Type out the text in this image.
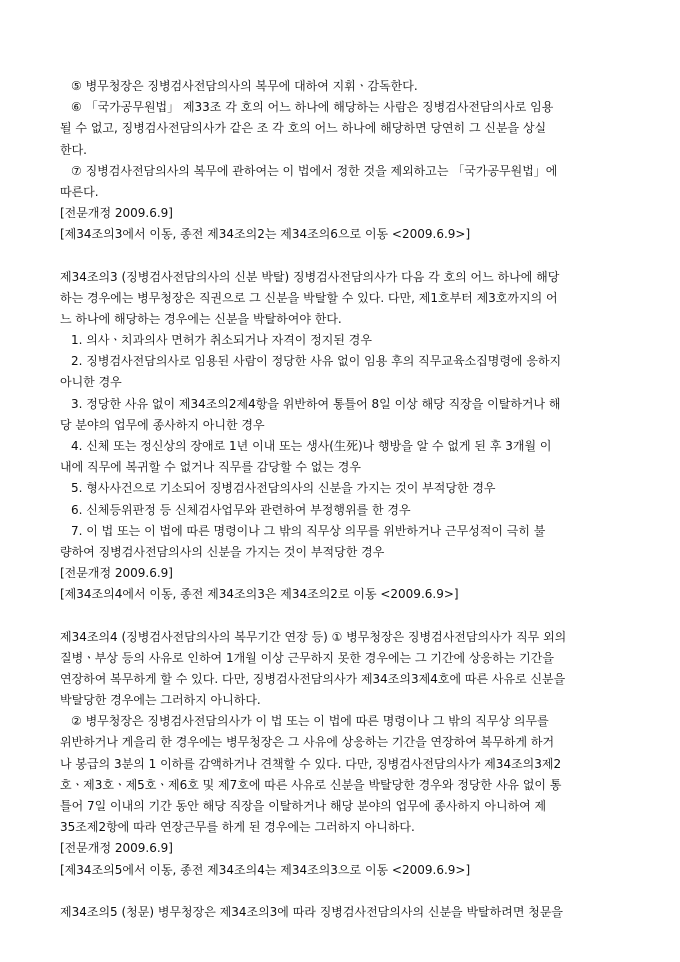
⑤ 병무청장은 징병검사전담의사의 복무에 대하여 지휘ㆍ감독한다.
⑥ 「국가공무원법」 제33조 각 호의 어느 하나에 해당하는 사람은 징병검사전담의사로 임용
될 수 없고, 징병검사전담의사가 같은 조 각 호의 어느 하나에 해당하면 당연히 그 신분을 상실
한다.
⑦ 징병검사전담의사의 복무에 관하여는 이 법에서 정한 것을 제외하고는 「국가공무원법」에
따른다.
[전문개정 2009.6.9]
[제34조의3에서 이동, 종전 제34조의2는 제34조의6으로 이동 <2009.6.9>]
제34조의3 (징병검사전담의사의 신분 박탈) 징병검사전담의사가 다음 각 호의 어느 하나에 해당
하는 경우에는 병무청장은 직권으로 그 신분을 박탈할 수 있다. 다만, 제1호부터 제3호까지의 어
느 하나에 해당하는 경우에는 신분을 박탈하여야 한다.
1. 의사ㆍ치과의사 면허가 취소되거나 자격이 정지된 경우
2. 징병검사전담의사로 임용된 사람이 정당한 사유 없이 임용 후의 직무교육소집명령에 응하지
아니한 경우
3. 정당한 사유 없이 제34조의2제4항을 위반하여 통틀어 8일 이상 해당 직장을 이탈하거나 해
당 분야의 업무에 종사하지 아니한 경우
4. 신체 또는 정신상의 장애로 1년 이내 또는 생사(生死)나 행방을 알 수 없게 된 후 3개월 이
내에 직무에 복귀할 수 없거나 직무를 감당할 수 없는 경우
5. 형사사건으로 기소되어 징병검사전담의사의 신분을 가지는 것이 부적당한 경우
6. 신체등위판정 등 신체검사업무와 관련하여 부정행위를 한 경우
7. 이 법 또는 이 법에 따른 명령이나 그 밖의 직무상 의무를 위반하거나 근무성적이 극히 불
량하여 징병검사전담의사의 신분을 가지는 것이 부적당한 경우
[전문개정 2009.6.9]
[제34조의4에서 이동, 종전 제34조의3은 제34조의2로 이동 <2009.6.9>]
제34조의4 (징병검사전담의사의 복무기간 연장 등) ① 병무청장은 징병검사전담의사가 직무 외의
질병ㆍ부상 등의 사유로 인하여 1개월 이상 근무하지 못한 경우에는 그 기간에 상응하는 기간을
연장하여 복무하게 할 수 있다. 다만, 징병검사전담의사가 제34조의3제4호에 따른 사유로 신분을
박탈당한 경우에는 그러하지 아니하다.
② 병무청장은 징병검사전담의사가 이 법 또는 이 법에 따른 명령이나 그 밖의 직무상 의무를
위반하거나 게을리 한 경우에는 병무청장은 그 사유에 상응하는 기간을 연장하여 복무하게 하거
나 봉급의 3분의 1 이하를 감액하거나 견책할 수 있다. 다만, 징병검사전담의사가 제34조의3제2
호ㆍ제3호ㆍ제5호ㆍ제6호 및 제7호에 따른 사유로 신분을 박탈당한 경우와 정당한 사유 없이 통
틀어 7일 이내의 기간 동안 해당 직장을 이탈하거나 해당 분야의 업무에 종사하지 아니하여 제
35조제2항에 따라 연장근무를 하게 된 경우에는 그러하지 아니하다.
[전문개정 2009.6.9]
[제34조의5에서 이동, 종전 제34조의4는 제34조의3으로 이동 <2009.6.9>]
제34조의5 (청문) 병무청장은 제34조의3에 따라 징병검사전담의사의 신분을 박탈하려면 청문을
